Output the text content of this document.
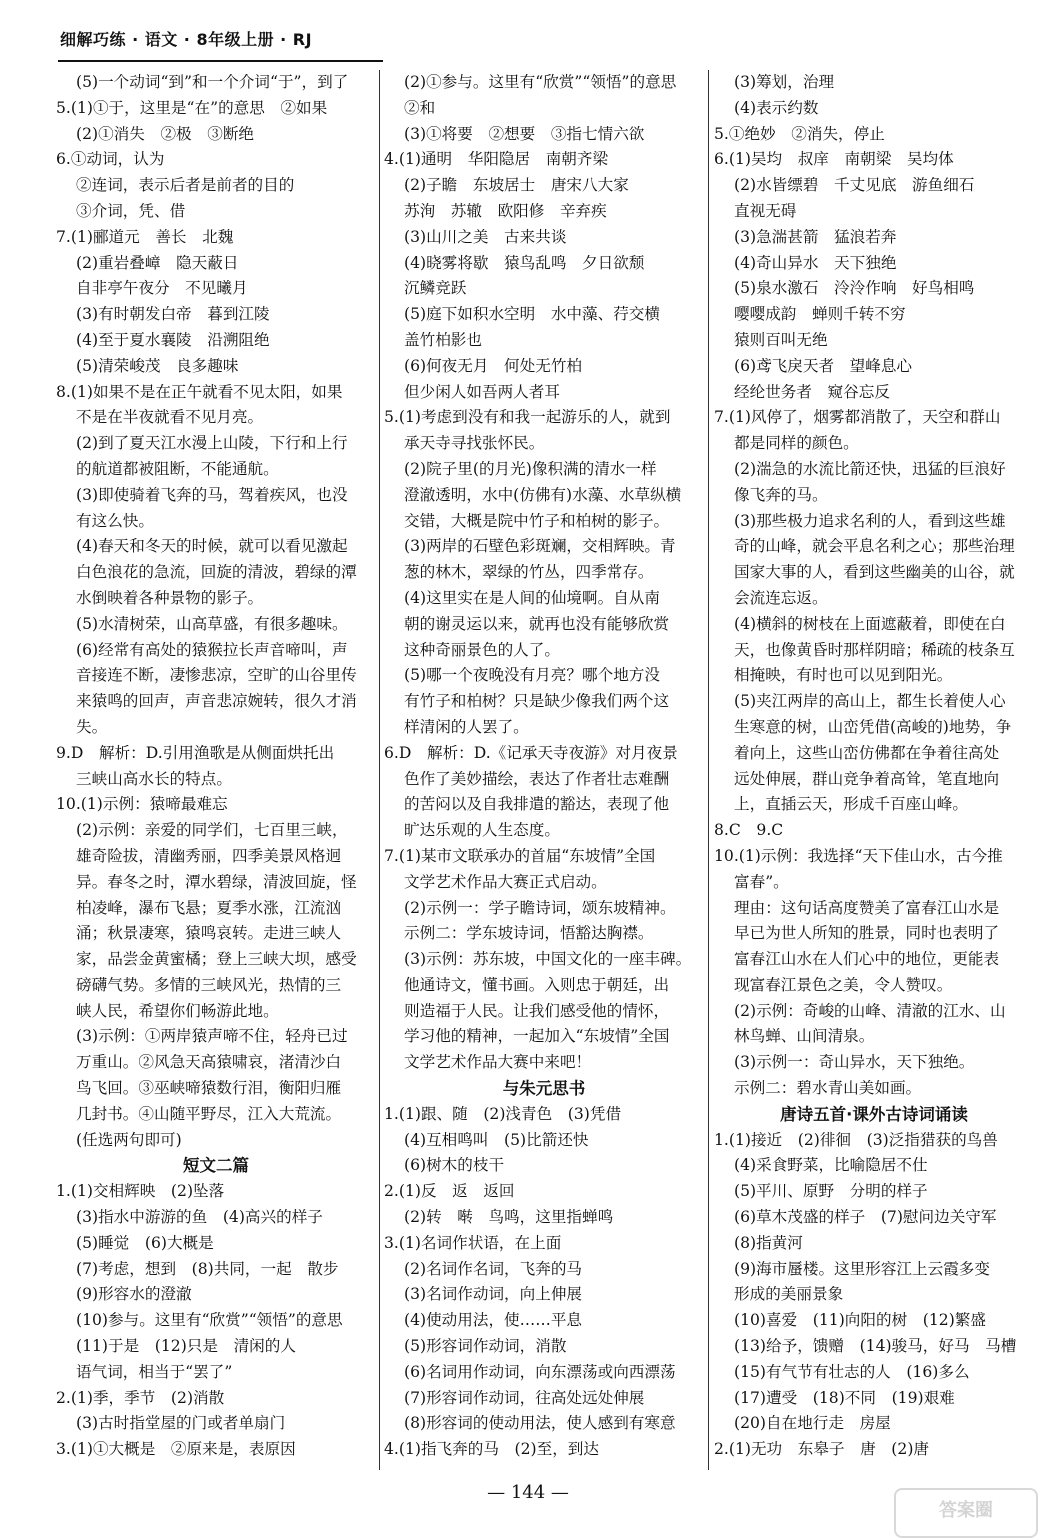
细解巧练 · 语文 · 8年级上册 · RJ
(5)一个动词“到”和一个介词“于”，到了
5.(1)①于，这里是“在”的意思　②如果
(2)①消失　②极　③断绝
6.①动词，认为
②连词，表示后者是前者的目的
③介词，凭、借
7.(1)郦道元　善长　北魏
(2)重岩叠嶂　隐天蔽日
自非亭午夜分　不见曦月
(3)有时朝发白帝　暮到江陵
(4)至于夏水襄陵　沿溯阻绝
(5)清荣峻茂　良多趣味
8.(1)如果不是在正午就看不见太阳，如果
不是在半夜就看不见月亮。
(2)到了夏天江水漫上山陵，下行和上行
的航道都被阻断，不能通航。
(3)即使骑着飞奔的马，驾着疾风，也没
有这么快。
(4)春天和冬天的时候，就可以看见激起
白色浪花的急流，回旋的清波，碧绿的潭
水倒映着各种景物的影子。
(5)水清树荣，山高草盛，有很多趣味。
(6)经常有高处的猿猴拉长声音啼叫，声
音接连不断，凄惨悲凉，空旷的山谷里传
来猿鸣的回声，声音悲凉婉转，很久才消
失。
9.D　解析：D.引用渔歌是从侧面烘托出
三峡山高水长的特点。
10.(1)示例：猿啼最难忘
(2)示例：亲爱的同学们，七百里三峡，
雄奇险拔，清幽秀丽，四季美景风格迥
异。春冬之时，潭水碧绿，清波回旋，怪
柏凌峰，瀑布飞悬；夏季水涨，江流汹
涌；秋景凄寒，猿鸣哀转。走进三峡人
家，品尝金黄蜜橘；登上三峡大坝，感受
磅礴气势。多情的三峡风光，热情的三
峡人民，希望你们畅游此地。
(3)示例：①两岸猿声啼不住，轻舟已过
万重山。②风急天高猿啸哀，渚清沙白
鸟飞回。③巫峡啼猿数行泪，衡阳归雁
几封书。④山随平野尽，江入大荒流。
(任选两句即可)
短文二篇
1.(1)交相辉映　(2)坠落
(3)指水中游游的鱼　(4)高兴的样子
(5)睡觉　(6)大概是
(7)考虑，想到　(8)共同，一起　散步
(9)形容水的澄澈
(10)参与。这里有“欣赏”“领悟”的意思
(11)于是　(12)只是　清闲的人
语气词，相当于“罢了”
2.(1)季，季节　(2)消散
(3)古时指堂屋的门或者单扇门
3.(1)①大概是　②原来是，表原因
(2)①参与。这里有“欣赏”“领悟”的意思
②和
(3)①将要　②想要　③指七情六欲
4.(1)通明　华阳隐居　南朝齐梁
(2)子瞻　东坡居士　唐宋八大家
苏洵　苏辙　欧阳修　辛弃疾
(3)山川之美　古来共谈
(4)晓雾将歇　猿鸟乱鸣　夕日欲颓
沉鳞竞跃
(5)庭下如积水空明　水中藻、荇交横
盖竹柏影也
(6)何夜无月　何处无竹柏
但少闲人如吾两人者耳
5.(1)考虑到没有和我一起游乐的人，就到
承天寺寻找张怀民。
(2)院子里(的月光)像积满的清水一样
澄澈透明，水中(仿佛有)水藻、水草纵横
交错，大概是院中竹子和柏树的影子。
(3)两岸的石壁色彩斑斓，交相辉映。青
葱的林木，翠绿的竹丛，四季常存。
(4)这里实在是人间的仙境啊。自从南
朝的谢灵运以来，就再也没有能够欣赏
这种奇丽景色的人了。
(5)哪一个夜晚没有月亮？哪个地方没
有竹子和柏树？只是缺少像我们两个这
样清闲的人罢了。
6.D　解析：D.《记承天寺夜游》对月夜景
色作了美妙描绘，表达了作者壮志难酬
的苦闷以及自我排遣的豁达，表现了他
旷达乐观的人生态度。
7.(1)某市文联承办的首届“东坡情”全国
文学艺术作品大赛正式启动。
(2)示例一：学子瞻诗词，颂东坡精神。
示例二：学东坡诗词，悟豁达胸襟。
(3)示例：苏东坡，中国文化的一座丰碑。
他通诗文，懂书画。入则忠于朝廷，出
则造福于人民。让我们感受他的情怀，
学习他的精神，一起加入“东坡情”全国
文学艺术作品大赛中来吧！
与朱元思书
1.(1)跟、随　(2)浅青色　(3)凭借
(4)互相鸣叫　(5)比箭还快
(6)树木的枝干
2.(1)反　返　返回
(2)转　啭　鸟鸣，这里指蝉鸣
3.(1)名词作状语，在上面
(2)名词作名词，飞奔的马
(3)名词作动词，向上伸展
(4)使动用法，使……平息
(5)形容词作动词，消散
(6)名词用作动词，向东漂荡或向西漂荡
(7)形容词作动词，往高处远处伸展
(8)形容词的使动用法，使人感到有寒意
4.(1)指飞奔的马　(2)至，到达
(3)筹划，治理
(4)表示约数
5.①绝妙　②消失，停止
6.(1)吴均　叔庠　南朝梁　吴均体
(2)水皆缥碧　千丈见底　游鱼细石
直视无碍
(3)急湍甚箭　猛浪若奔
(4)奇山异水　天下独绝
(5)泉水激石　泠泠作响　好鸟相鸣
嘤嘤成韵　蝉则千转不穷
猿则百叫无绝
(6)鸢飞戾天者　望峰息心
经纶世务者　窥谷忘反
7.(1)风停了，烟雾都消散了，天空和群山
都是同样的颜色。
(2)湍急的水流比箭还快，迅猛的巨浪好
像飞奔的马。
(3)那些极力追求名利的人，看到这些雄
奇的山峰，就会平息名利之心；那些治理
国家大事的人，看到这些幽美的山谷，就
会流连忘返。
(4)横斜的树枝在上面遮蔽着，即使在白
天，也像黄昏时那样阴暗；稀疏的枝条互
相掩映，有时也可以见到阳光。
(5)夹江两岸的高山上，都生长着使人心
生寒意的树，山峦凭借(高峻的)地势，争
着向上，这些山峦仿佛都在争着往高处
远处伸展，群山竞争着高耸，笔直地向
上，直插云天，形成千百座山峰。
8.C　9.C
10.(1)示例：我选择“天下佳山水，古今推
富春”。
理由：这句话高度赞美了富春江山水是
早已为世人所知的胜景，同时也表明了
富春江山水在人们心中的地位，更能表
现富春江景色之美，令人赞叹。
(2)示例：奇峻的山峰、清澈的江水、山
林鸟蝉、山间清泉。
(3)示例一：奇山异水，天下独绝。
示例二：碧水青山美如画。
唐诗五首·课外古诗词诵读
1.(1)接近　(2)徘徊　(3)泛指猎获的鸟兽
(4)采食野菜，比喻隐居不仕
(5)平川、原野　分明的样子
(6)草木茂盛的样子　(7)慰问边关守军
(8)指黄河
(9)海市蜃楼。这里形容江上云霞多变
形成的美丽景象
(10)喜爱　(11)向阳的树　(12)繁盛
(13)给予，馈赠　(14)骏马，好马　马槽
(15)有气节有壮志的人　(16)多么
(17)遭受　(18)不同　(19)艰难
(20)自在地行走　房屋
2.(1)无功　东皋子　唐　(2)唐
— 144 —
答案圈
